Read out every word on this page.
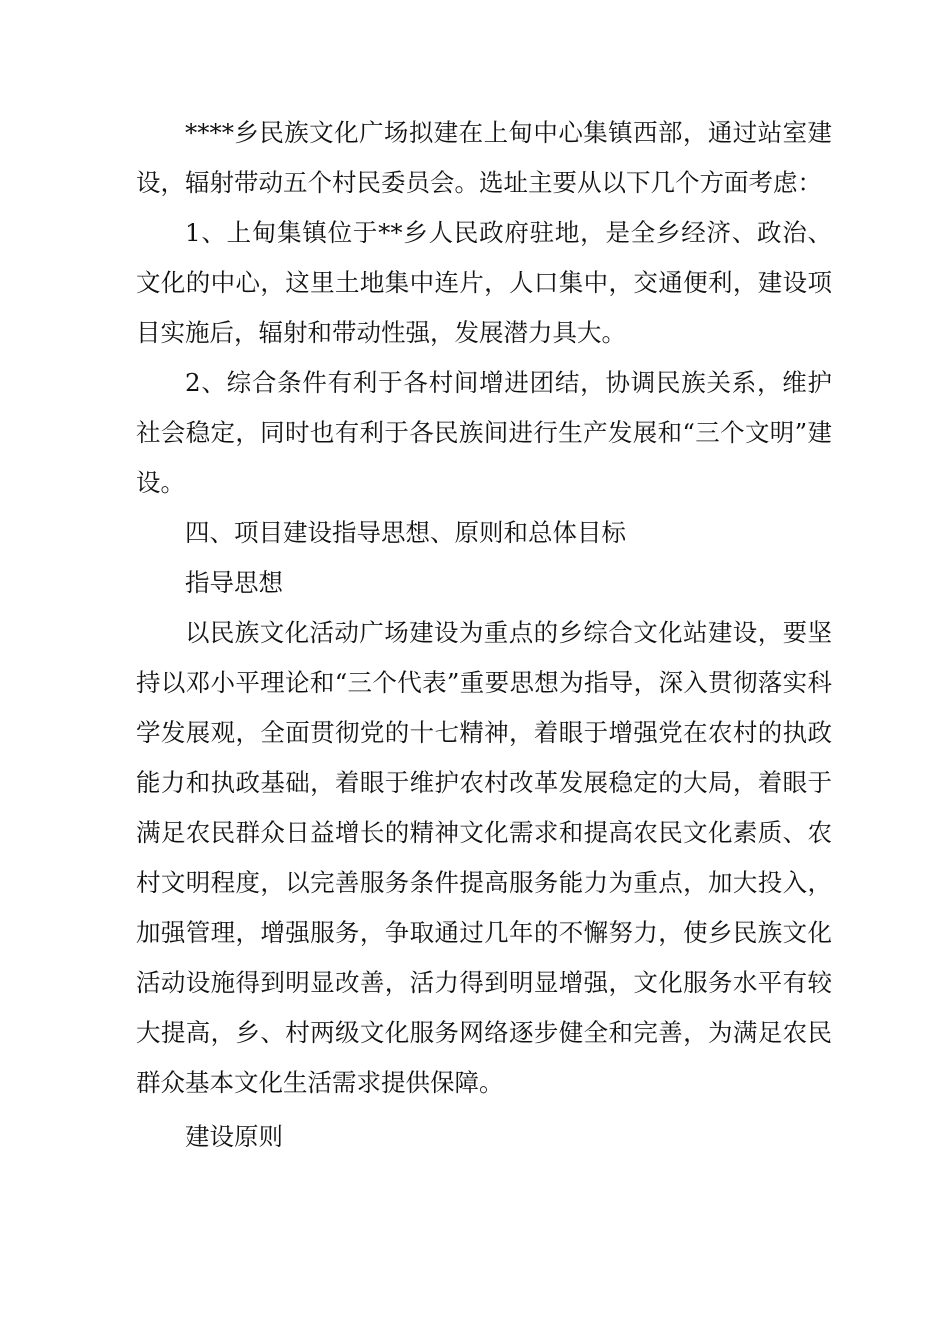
****乡民族文化广场拟建在上甸中心集镇西部，通过站室建设，辐射带动五个村民委员会。选址主要从以下几个方面考虑：

1、上甸集镇位于**乡人民政府驻地，是全乡经济、政治、文化的中心，这里土地集中连片，人口集中，交通便利，建设项目实施后，辐射和带动性强，发展潜力具大。

2、综合条件有利于各村间增进团结，协调民族关系，维护社会稳定，同时也有利于各民族间进行生产发展和“三个文明”建设。

四、项目建设指导思想、原则和总体目标

指导思想

以民族文化活动广场建设为重点的乡综合文化站建设，要坚持以邓小平理论和“三个代表”重要思想为指导，深入贯彻落实科学发展观，全面贯彻党的十七精神，着眼于增强党在农村的执政能力和执政基础，着眼于维护农村改革发展稳定的大局，着眼于满足农民群众日益增长的精神文化需求和提高农民文化素质、农村文明程度，以完善服务条件提高服务能力为重点，加大投入，加强管理，增强服务，争取通过几年的不懈努力，使乡民族文化活动设施得到明显改善，活力得到明显增强，文化服务水平有较大提高，乡、村两级文化服务网络逐步健全和完善，为满足农民群众基本文化生活需求提供保障。

建设原则
